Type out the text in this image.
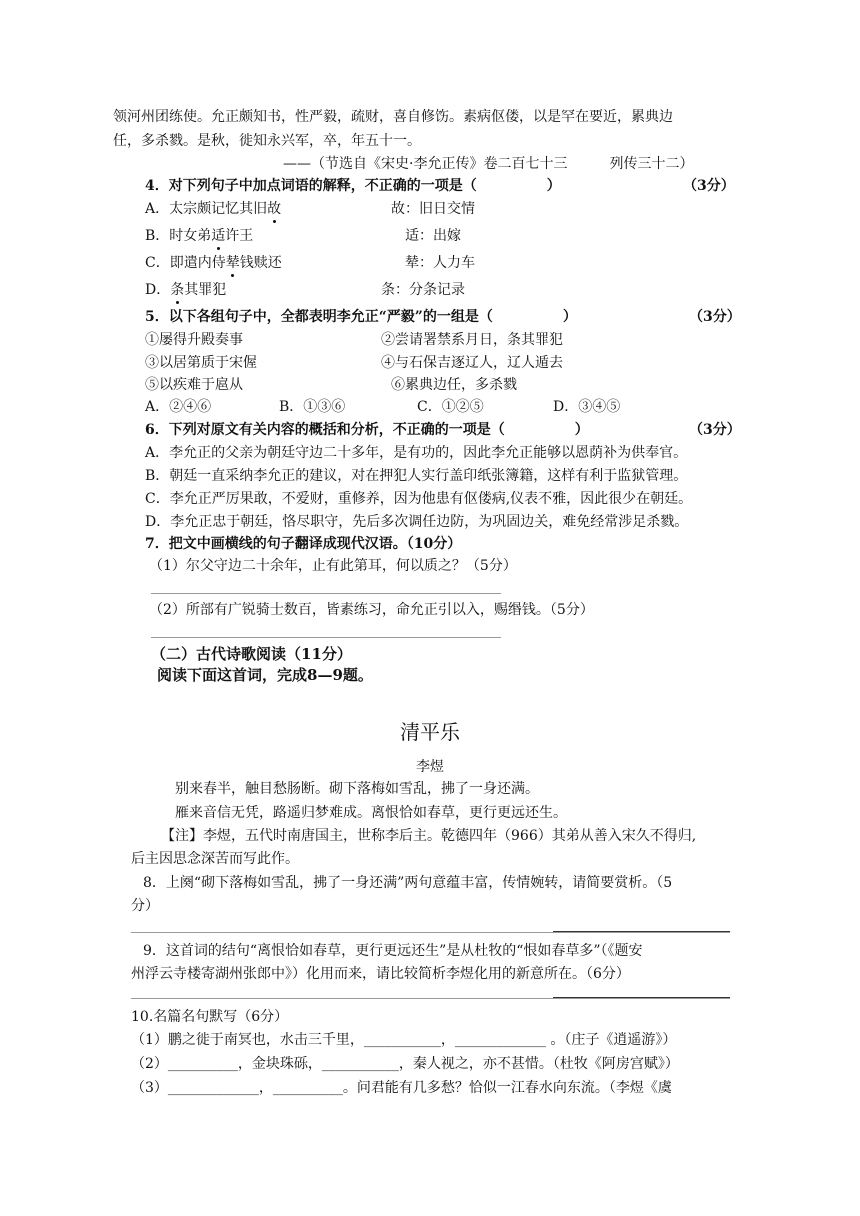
领河州团练使。允正颇知书，性严毅，疏财，喜自修饬。素病伛偻，以是罕在要近，累典边
任，多杀戮。是秋，徙知永兴军，卒，年五十一。
——（节选自《宋史·李允正传》卷二百七十三　　　列传三十二）
4．对下列句子中加点词语的解释，不正确的一项是（　　　　　）	（3分）
A．太宗颇记忆其旧故	故：旧日交情
B．时女弟适许王	适：出嫁
C．即遣内侍辇钱赎还	辇：人力车
D．条其罪犯	条：分条记录
5．以下各组句子中，全都表明李允正“严毅”的一组是（　　　　　）	（3分）
①屡得升殿奏事	②尝请署禁系月日，条其罪犯
③以居第质于宋偓	④与石保吉逐辽人，辽人遁去
⑤以疾难于扈从	⑥累典边任，多杀戮
A．②④⑥	B．①③⑥	C．①②⑤	D．③④⑤
6．下列对原文有关内容的概括和分析，不正确的一项是（　　　　　）	（3分）
A．李允正的父亲为朝廷守边二十多年，是有功的，因此李允正能够以恩荫补为供奉官。
B．朝廷一直采纳李允正的建议，对在押犯人实行盖印纸张簿籍，这样有利于监狱管理。
C．李允正严厉果敢，不爱财，重修养，因为他患有伛偻病,仪表不雅，因此很少在朝廷。
D．李允正忠于朝廷，恪尽职守，先后多次调任边防，为巩固边关，难免经常涉足杀戮。
7．把文中画横线的句子翻译成现代汉语。（10分）
（1）尔父守边二十余年，止有此第耳，何以质之？（5分）
（2）所部有广锐骑士数百，皆素练习，命允正引以入，赐缗钱。（5分）
（二）古代诗歌阅读（11分）
阅读下面这首词，完成8—9题。
清平乐
李煜
别来春半，触目愁肠断。砌下落梅如雪乱，拂了一身还满。
雁来音信无凭，路遥归梦难成。离恨恰如春草，更行更远还生。
【注】李煜，五代时南唐国主，世称李后主。乾德四年（966）其弟从善入宋久不得归,
后主因思念深苦而写此作。
8．上阕“砌下落梅如雪乱，拂了一身还满”两句意蕴丰富，传情婉转，请简要赏析。（5
分）
9．这首词的结句“离恨恰如春草，更行更远还生”是从杜牧的“恨如春草多”（《题安
州浮云寺楼寄湖州张郎中》）化用而来，请比较简析李煜化用的新意所在。（6分）
10.名篇名句默写（6分）
（1）鹏之徙于南冥也，水击三千里，___________，_____________ 。（庄子《逍遥游》）
（2）__________，金块珠砾，___________，秦人视之，亦不甚惜。（杜牧《阿房宫赋》）
（3）_____________，__________。问君能有几多愁？恰似一江春水向东流。（李煜《虞
